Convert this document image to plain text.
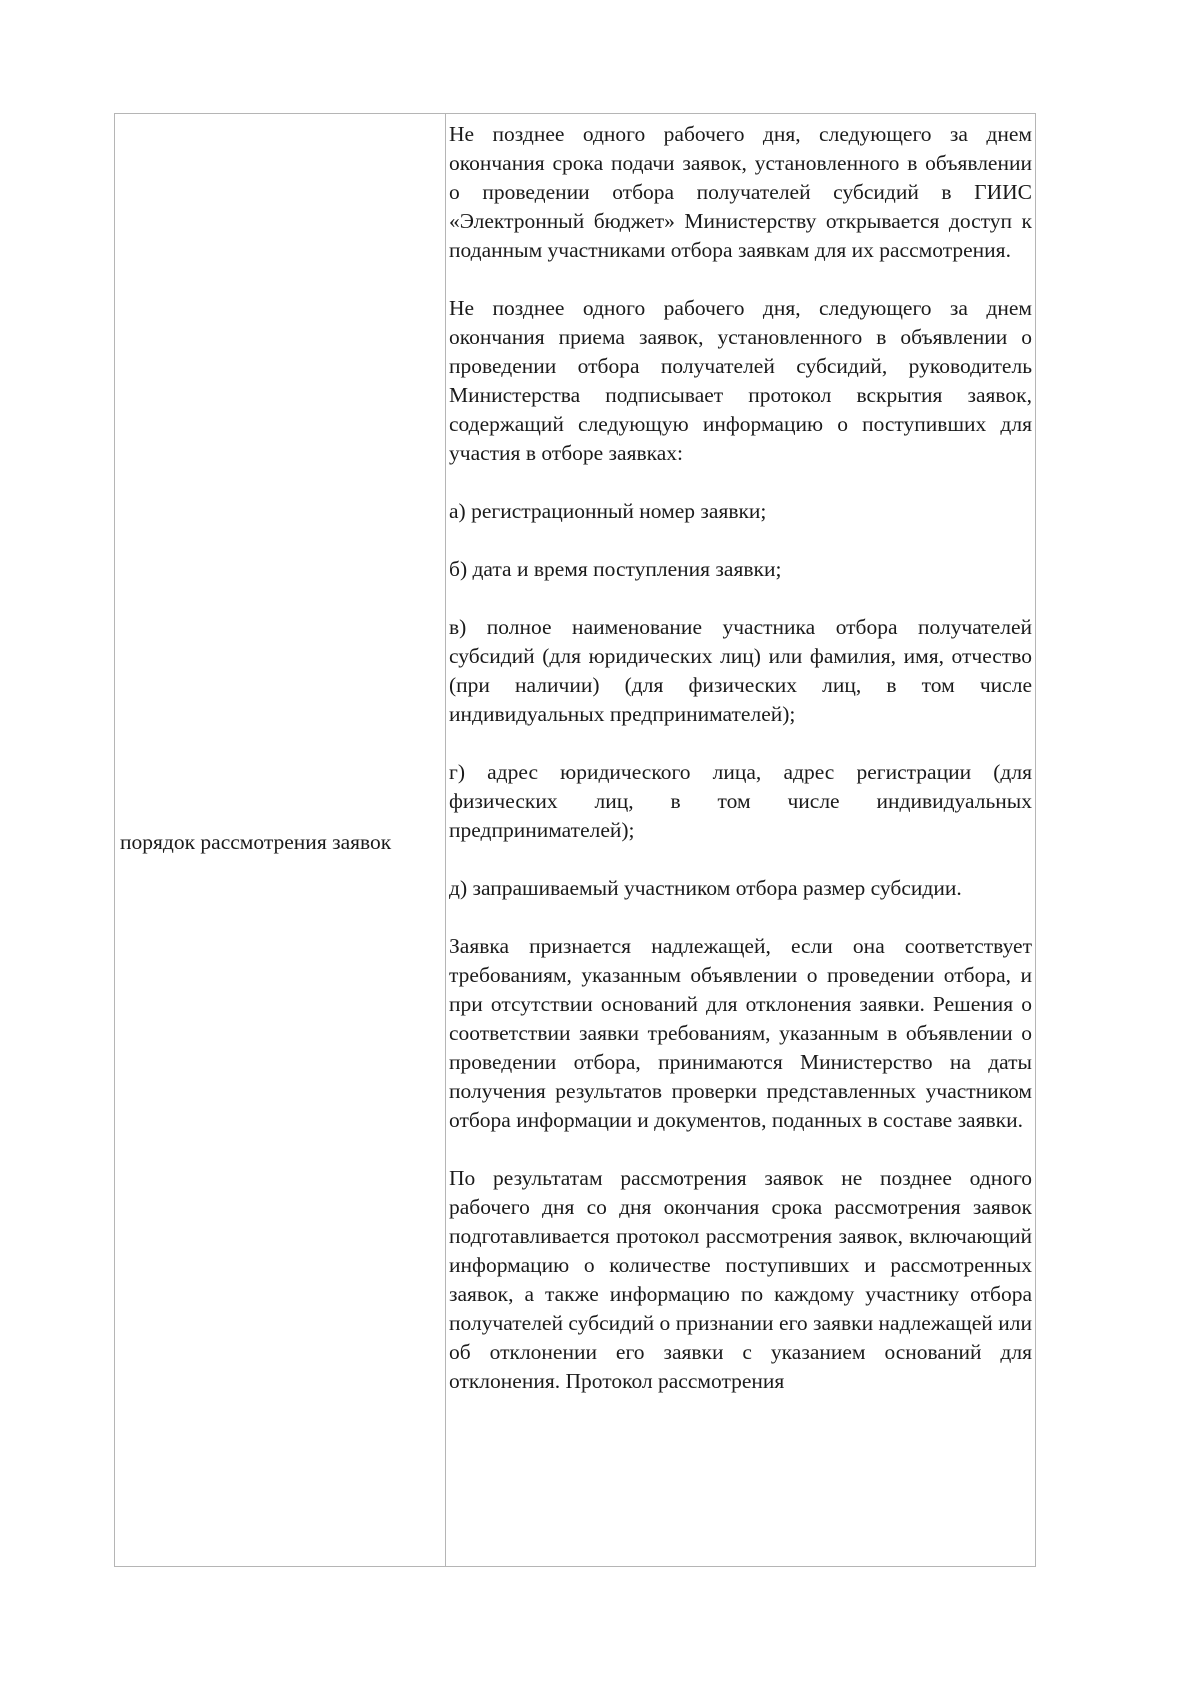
порядок рассмотрения заявок

Не позднее одного рабочего дня, следующего за днем окончания срока подачи заявок, установленного в объявлении о проведении отбора получателей субсидий в ГИИС «Электронный бюджет» Министерству открывается доступ к поданным участниками отбора заявкам для их рассмотрения.

Не позднее одного рабочего дня, следующего за днем окончания приема заявок, установленного в объявлении о проведении отбора получателей субсидий, руководитель Министерства подписывает протокол вскрытия заявок, содержащий следующую информацию о поступивших для участия в отборе заявках:

а) регистрационный номер заявки;

б) дата и время поступления заявки;

в) полное наименование участника отбора получателей субсидий (для юридических лиц) или фамилия, имя, отчество (при наличии) (для физических лиц, в том числе индивидуальных предпринимателей);

г) адрес юридического лица, адрес регистрации (для физических лиц, в том числе индивидуальных предпринимателей);

д) запрашиваемый участником отбора размер субсидии.

Заявка признается надлежащей, если она соответствует требованиям, указанным объявлении о проведении отбора, и при отсутствии оснований для отклонения заявки. Решения о соответствии заявки требованиям, указанным в объявлении о проведении отбора, принимаются Министерство на даты получения результатов проверки представленных участником отбора информации и документов, поданных в составе заявки.

По результатам рассмотрения заявок не позднее одного рабочего дня со дня окончания срока рассмотрения заявок подготавливается протокол рассмотрения заявок, включающий информацию о количестве поступивших и рассмотренных заявок, а также информацию по каждому участнику отбора получателей субсидий о признании его заявки надлежащей или об отклонении его заявки с указанием оснований для отклонения. Протокол рассмотрения
